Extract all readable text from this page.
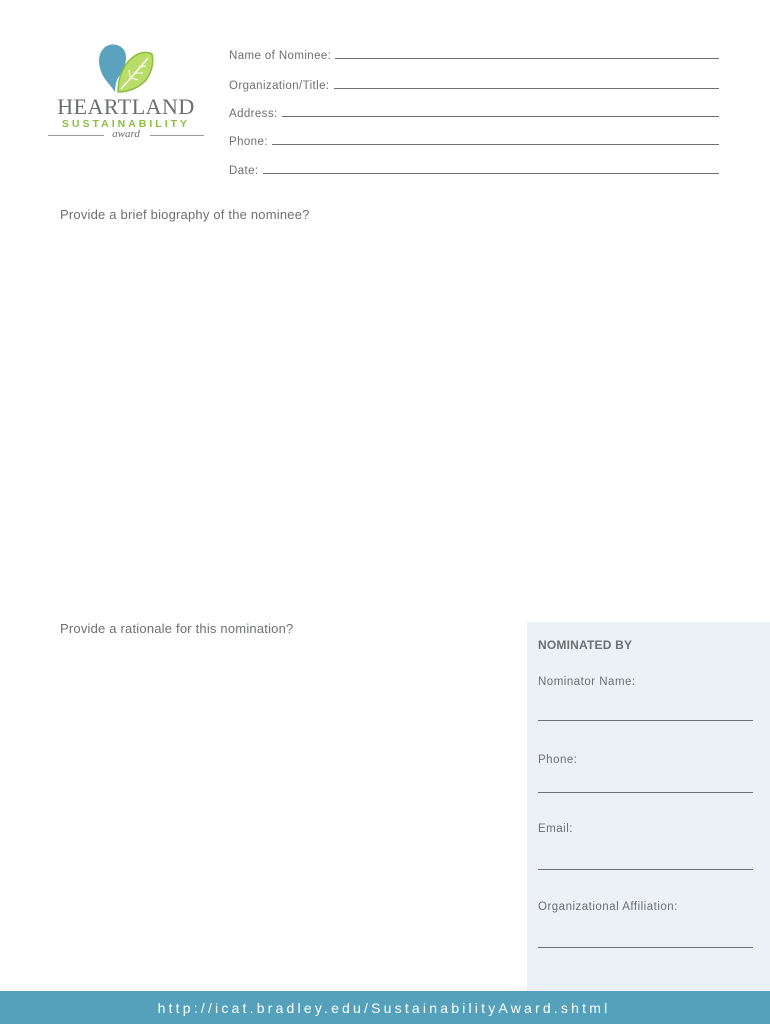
HEARTLAND
SUSTAINABILITY
award
Name of Nominee:
Organization/Title:
Address:
Phone:
Date:
Provide a brief biography of the nominee?
Provide a rationale for this nomination?
NOMINATED BY
Nominator Name:
Phone:
Email:
Organizational Affiliation:
http://icat.bradley.edu/SustainabilityAward.shtml
